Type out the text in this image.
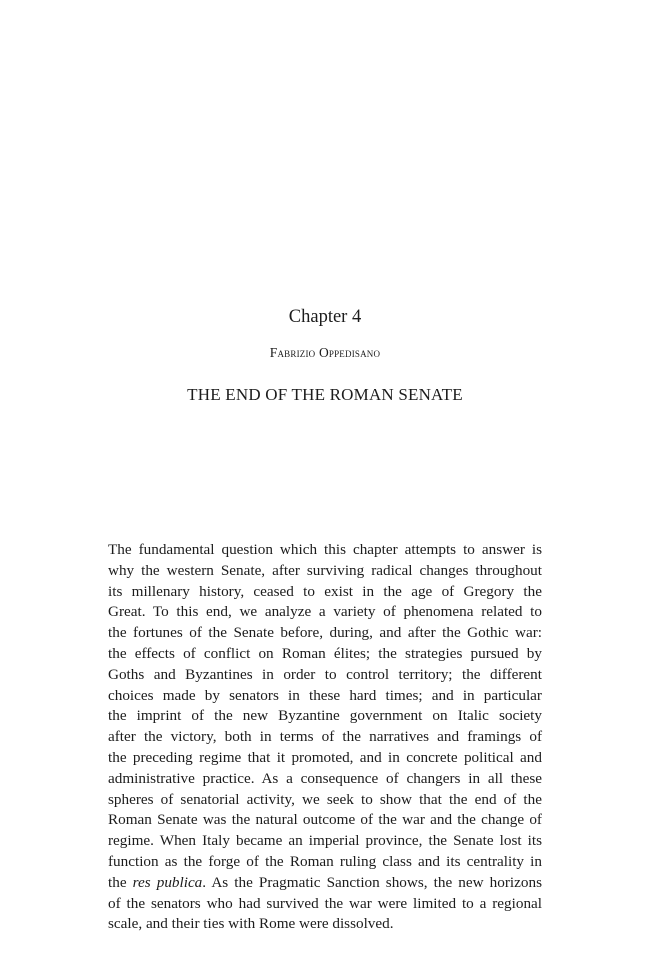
Chapter 4
Fabrizio Oppedisano
THE END OF THE ROMAN SENATE
The fundamental question which this chapter attempts to answer is
why the western Senate, after surviving radical changes throughout
its millenary history, ceased to exist in the age of Gregory the
Great. To this end, we analyze a variety of phenomena related to
the fortunes of the Senate before, during, and after the Gothic war:
the effects of conflict on Roman élites; the strategies pursued by
Goths and Byzantines in order to control territory; the different
choices made by senators in these hard times; and in particular
the imprint of the new Byzantine government on Italic society
after the victory, both in terms of the narratives and framings of
the preceding regime that it promoted, and in concrete political and
administrative practice. As a consequence of changers in all these
spheres of senatorial activity, we seek to show that the end of the
Roman Senate was the natural outcome of the war and the change of
regime. When Italy became an imperial province, the Senate lost its
function as the forge of the Roman ruling class and its centrality in
the res publica. As the Pragmatic Sanction shows, the new horizons
of the senators who had survived the war were limited to a regional
scale, and their ties with Rome were dissolved.
